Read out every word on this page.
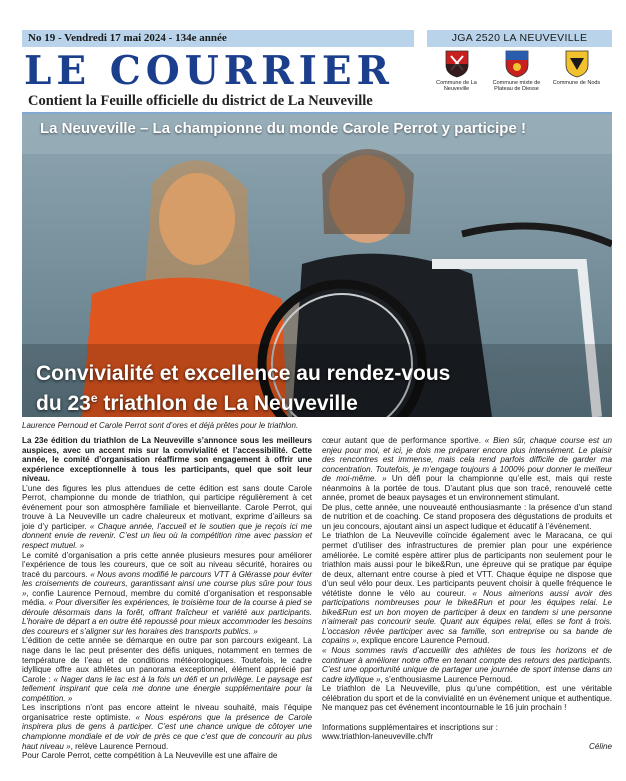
No 19 - Vendredi 17 mai 2024 - 134e année	JGA 2520 LA NEUVEVILLE
LE COURRIER
Contient la Feuille officielle du district de La Neuveville
Commune de La Neuveville
Commune mixte de Plateau de Diesse
Commune de Nods
La Neuveville – La championne du monde Carole Perrot y participe !
Convivialité et excellence au rendez-vous
du 23e triathlon de La Neuveville
Laurence Pernoud et Carole Perrot sont d’ores et déjà prêtes pour le triathlon.

La 23e édition du triathlon de La Neuveville s’annonce sous les meilleurs auspices, avec un accent mis sur la convivialité et l’accessibilité. Cette année, le comité d’organisation réaffirme son engagement à offrir une expérience exceptionnelle à tous les participants, quel que soit leur niveau.

L’une des figures les plus attendues de cette édition est sans doute Carole Perrot, championne du monde de triathlon, qui participe régulièrement à cet événement pour son atmosphère familiale et bienveillante. Carole Perrot, qui trouve à La Neuveville un cadre chaleureux et motivant, exprime d’ailleurs sa joie d’y participer. « Chaque année, l’accueil et le soutien que je reçois ici me donnent envie de revenir. C’est un lieu où la compétition rime avec passion et respect mutuel. »

Le comité d’organisation a pris cette année plusieurs mesures pour améliorer l’expérience de tous les coureurs, que ce soit au niveau sécurité, horaires ou tracé du parcours. « Nous avons modifié le parcours VTT à Glérasse pour éviter les croisements de coureurs, garantissant ainsi une course plus sûre pour tous », confie Laurence Pernoud, membre du comité d’organisation et responsable média. « Pour diversifier les expériences, le troisième tour de la course à pied se déroule désormais dans la forêt, offrant fraîcheur et variété aux participants. L’horaire de départ a en outre été repoussé pour mieux accommoder les besoins des coureurs et s’aligner sur les horaires des transports publics. »

L’édition de cette année se démarque en outre par son parcours exigeant. La nage dans le lac peut présenter des défis uniques, notamment en termes de température de l’eau et de conditions météorologiques. Toutefois, le cadre idyllique offre aux athlètes un panorama exceptionnel, élément apprécié par Carole : « Nager dans le lac est à la fois un défi et un privilège. Le paysage est tellement inspirant que cela me donne une énergie supplémentaire pour la compétition. »

Les inscriptions n’ont pas encore atteint le niveau souhaité, mais l’équipe organisatrice reste optimiste. « Nous espérons que la présence de Carole inspirera plus de gens à participer. C’est une chance unique de côtoyer une championne mondiale et de voir de près ce que c’est que de concourir au plus haut niveau », relève Laurence Pernoud.

Pour Carole Perrot, cette compétition à La Neuveville est une affaire de

cœur autant que de performance sportive. « Bien sûr, chaque course est un enjeu pour moi, et ici, je dois me préparer encore plus intensément. Le plaisir des rencontres est immense, mais cela rend parfois difficile de garder ma concentration. Toutefois, je m’engage toujours à 1000% pour donner le meilleur de moi-même. » Un défi pour la championne qu’elle est, mais qui reste néanmoins à la portée de tous. D’autant plus que son tracé, renouvelé cette année, promet de beaux paysages et un environnement stimulant.

De plus, cette année, une nouveauté enthousiasmante : la présence d’un stand de nutrition et de coaching. Ce stand proposera des dégustations de produits et un jeu concours, ajoutant ainsi un aspect ludique et éducatif à l’événement.

Le triathlon de La Neuveville coïncide également avec le Maracana, ce qui permet d’utiliser des infrastructures de premier plan pour une expérience améliorée. Le comité espère attirer plus de participants non seulement pour le triathlon mais aussi pour le bike&Run, une épreuve qui se pratique par équipe de deux, alternant entre course à pied et VTT. Chaque équipe ne dispose que d’un seul vélo pour deux. Les participants peuvent choisir à quelle fréquence le vététiste donne le vélo au coureur. « Nous aimerions aussi avoir des participations nombreuses pour le bike&Run et pour les équipes relai. Le bike&Run est un bon moyen de participer à deux en tandem si une personne n’aimerait pas concourir seule. Quant aux équipes relai, elles se font à trois. L’occasion rêvée participer avec sa famille, son entreprise ou sa bande de copains », explique encore Laurence Pernoud.

« Nous sommes ravis d’accueillir des athlètes de tous les horizons et de continuer à améliorer notre offre en tenant compte des retours des participants. C’est une opportunité unique de partager une journée de sport intense dans un cadre idyllique », s’enthousiasme Laurence Pernoud.

Le triathlon de La Neuveville, plus qu’une compétition, est une véritable célébration du sport et de la convivialité en un événement unique et authentique. Ne manquez pas cet événement incontournable le 16 juin prochain !

Informations supplémentaires et inscriptions sur :

www.triathlon-laneuveville.ch/fr

Céline
